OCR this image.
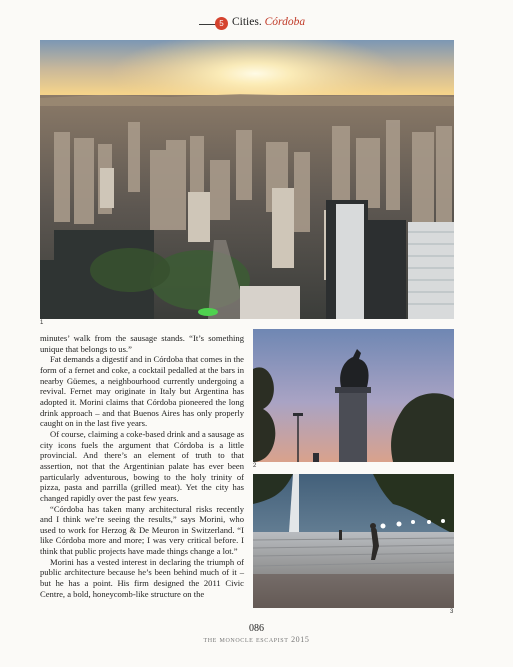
5 Cities. Córdoba
1
2
3

minutes’ walk from the sausage stands. “It’s something unique that belongs to us.”

Fat demands a digestif and in Córdoba that comes in the form of a fernet and coke, a cocktail pedalled at the bars in nearby Güemes, a neighbourhood currently undergoing a revival. Fernet may originate in Italy but Argentina has adopted it. Morini claims that Córdoba pioneered the long drink approach – and that Buenos Aires has only properly caught on in the last five years.

Of course, claiming a coke-based drink and a sausage as city icons fuels the argument that Córdoba is a little provincial. And there’s an element of truth to that assertion, not that the Argentinian palate has ever been particularly adventurous, bowing to the holy trinity of pizza, pasta and parrilla (grilled meat). Yet the city has changed rapidly over the past few years.

“Córdoba has taken many architectural risks recently and I think we’re seeing the results,” says Morini, who used to work for Herzog & De Meuron in Switzerland. “I like Córdoba more and more; I was very critical before. I think that public projects have made things change a lot.”

Morini has a vested interest in declaring the triumph of public architecture because he’s been behind much of it – but he has a point. His firm designed the 2011 Civic Centre, a bold, honeycomb-like structure on the

086
the monocle escapist 2015
